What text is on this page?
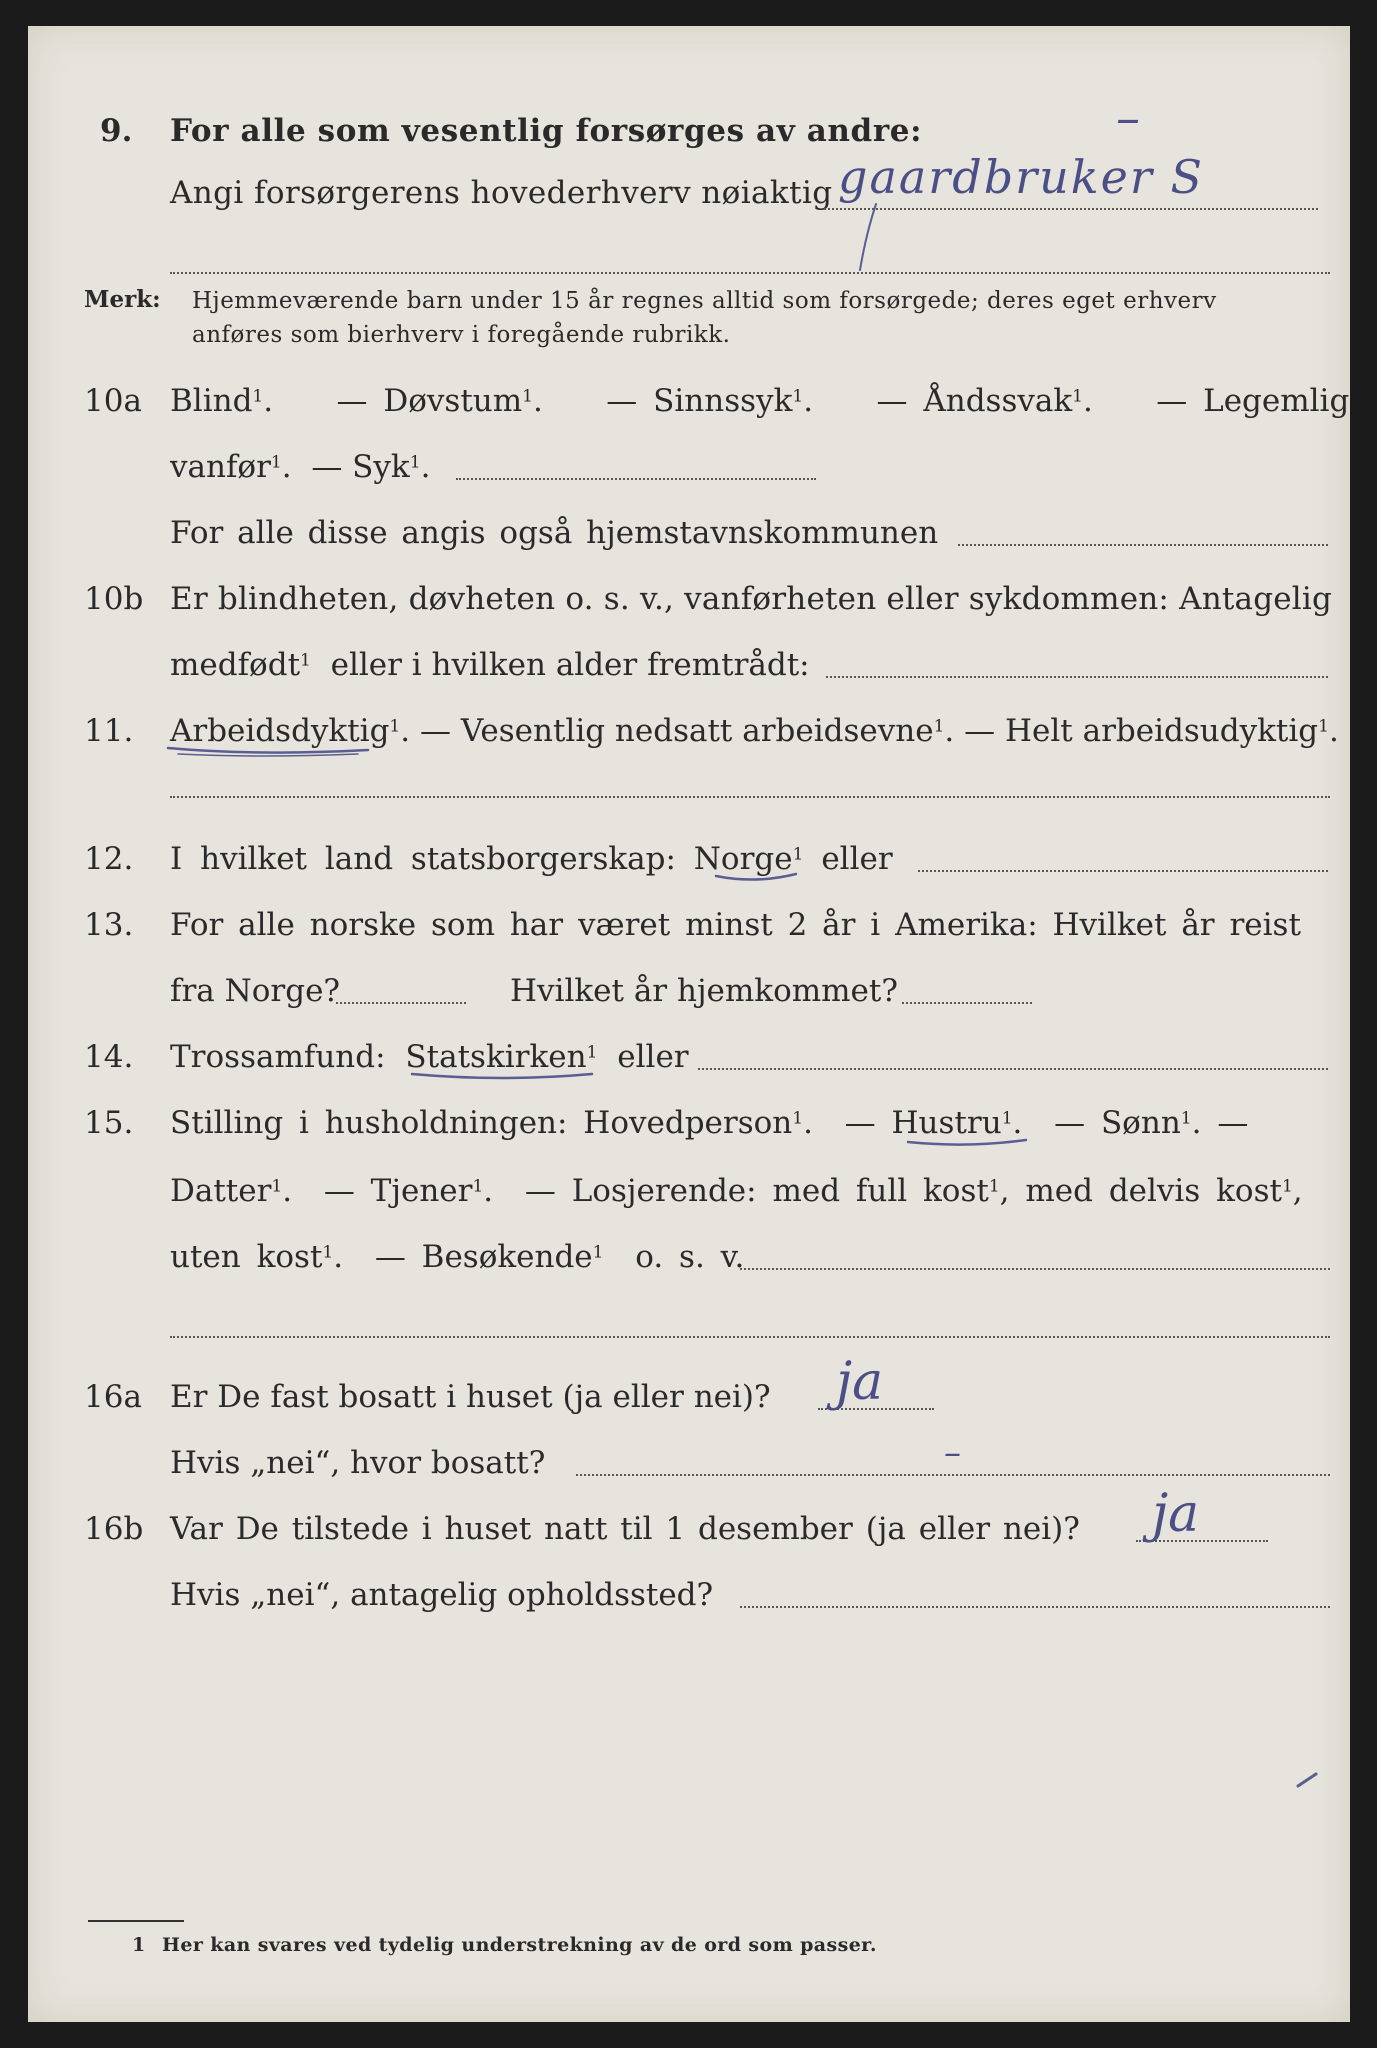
9. For alle som vesentlig forsørges av andre:	–
Angi forsørgerens hovederhverv nøiaktig gaardbruker S
Merk: Hjemmeværende barn under 15 år regnes alltid som forsørgede; deres eget erhverv
anføres som bierhverv i foregående rubrikk.
10a Blind$^1$.    — Døvstum$^1$.    — Sinnssyk$^1$.    — Åndssvak$^1$.    — Legemlig
vanfør$^1$.  — Syk$^1$.
For alle disse angis også hjemstavnskommunen
10b Er blindheten, døvheten o. s. v., vanførheten eller sykdommen: Antagelig
medfødt$^1$ eller i hvilken alder fremtrådt:
11. Arbeidsdyktig$^1$. — Vesentlig nedsatt arbeidsevne$^1$. — Helt arbeidsudyktig$^1$.
12. I hvilket land statsborgerskap: Norge$^1$ eller
13. For alle norske som har været minst 2 år i Amerika: Hvilket år reist
fra Norge?	Hvilket år hjemkommet?
14. Trossamfund: Statskirken$^1$ eller
15. Stilling i husholdningen: Hovedperson$^1$.  — Hustru$^1$.  — Sønn$^1$. —
Datter$^1$.  — Tjener$^1$.  — Losjerende: med full kost$^1$, med delvis kost$^1$,
uten kost$^1$.  — Besøkende$^1$ o. s. v.
16a Er De fast bosatt i huset (ja eller nei)? ja
Hvis „nei“, hvor bosatt?	–
16b Var De tilstede i huset natt til 1 desember (ja eller nei)? ja
Hvis „nei“, antagelig opholdssted?
1 Her kan svares ved tydelig understrekning av de ord som passer.
